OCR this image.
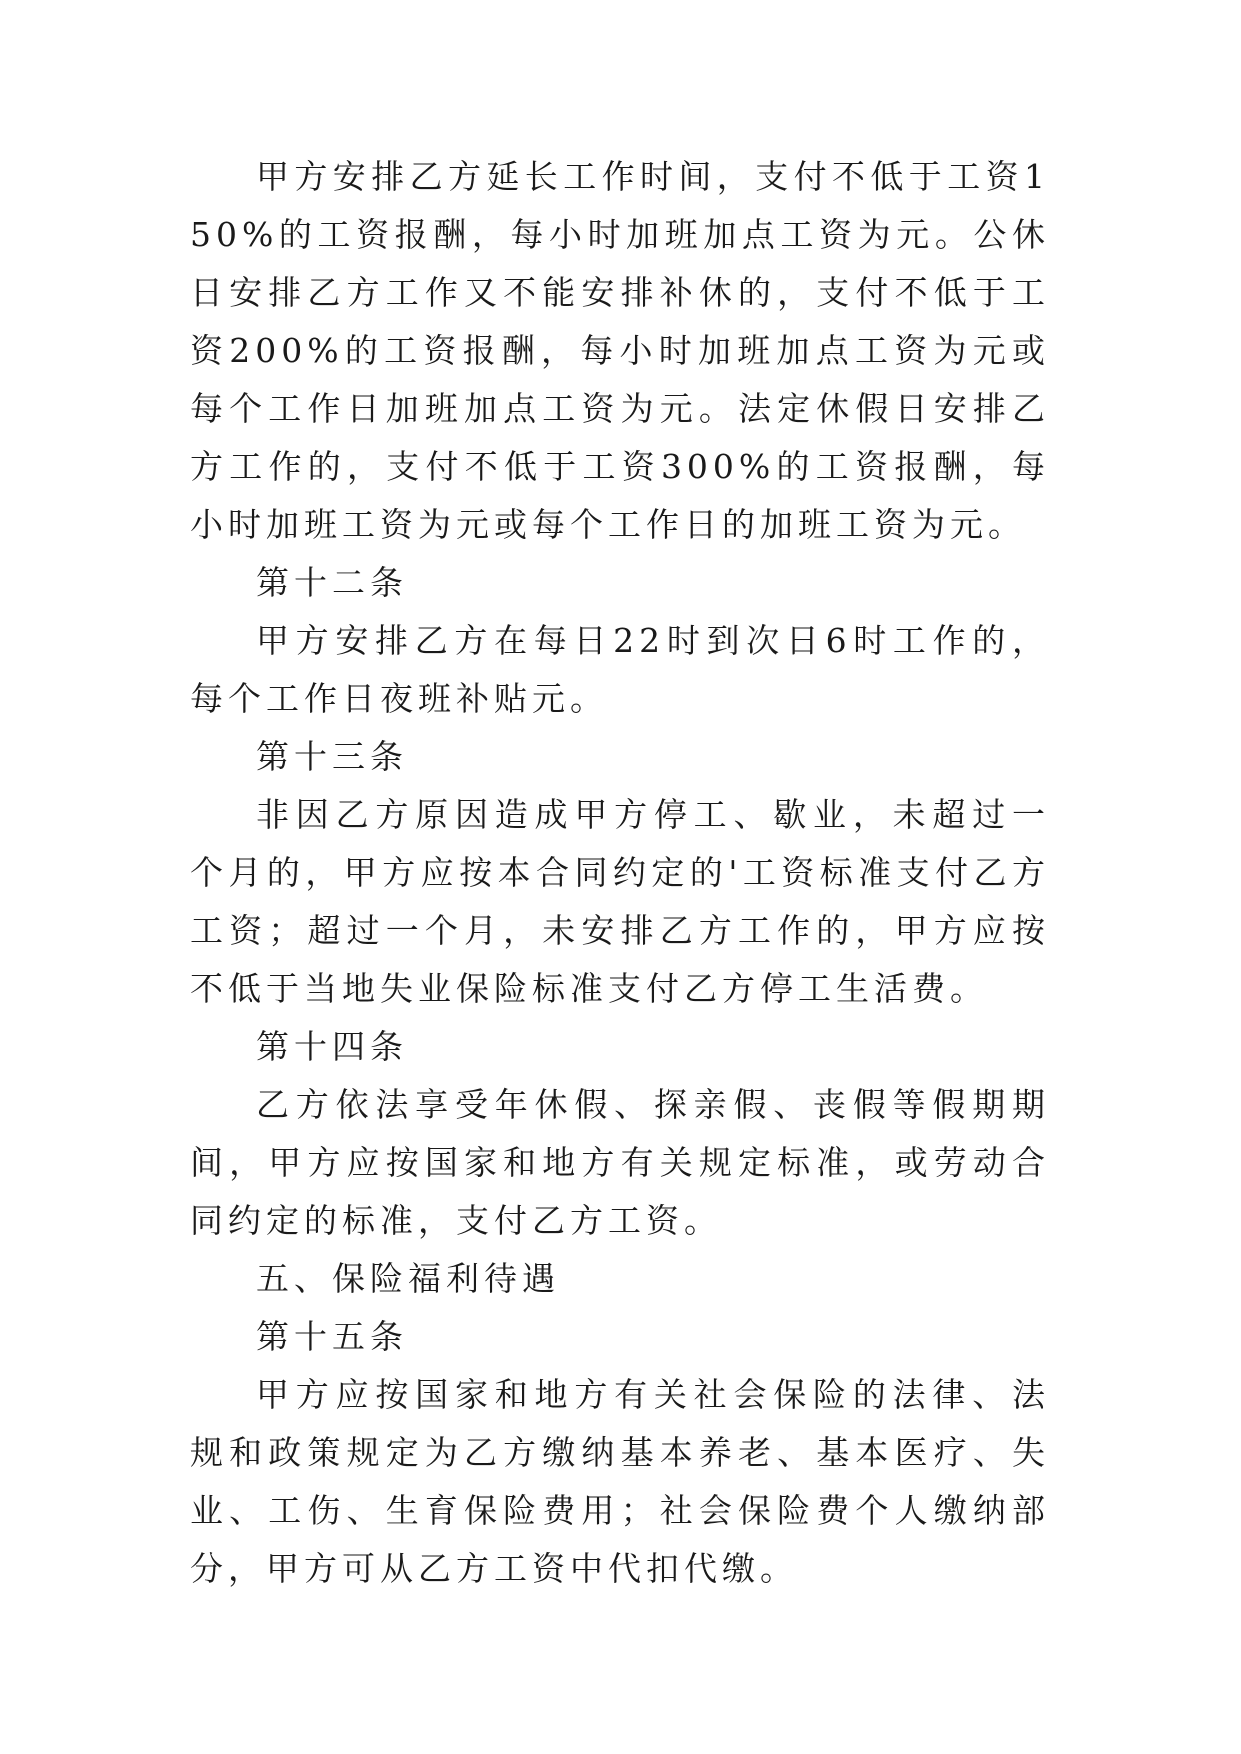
甲方安排乙方延长工作时间，支付不低于工资150%的工资报酬，每小时加班加点工资为元。公休日安排乙方工作又不能安排补休的，支付不低于工资200%的工资报酬，每小时加班加点工资为元或每个工作日加班加点工资为元。法定休假日安排乙方工作的，支付不低于工资300%的工资报酬，每小时加班工资为元或每个工作日的加班工资为元。

第十二条

甲方安排乙方在每日22时到次日6时工作的，每个工作日夜班补贴元。

第十三条

非因乙方原因造成甲方停工、歇业，未超过一个月的，甲方应按本合同约定的'工资标准支付乙方工资；超过一个月，未安排乙方工作的，甲方应按不低于当地失业保险标准支付乙方停工生活费。

第十四条

乙方依法享受年休假、探亲假、丧假等假期期间，甲方应按国家和地方有关规定标准，或劳动合同约定的标准，支付乙方工资。

五、保险福利待遇

第十五条

甲方应按国家和地方有关社会保险的法律、法规和政策规定为乙方缴纳基本养老、基本医疗、失业、工伤、生育保险费用；社会保险费个人缴纳部分，甲方可从乙方工资中代扣代缴。
